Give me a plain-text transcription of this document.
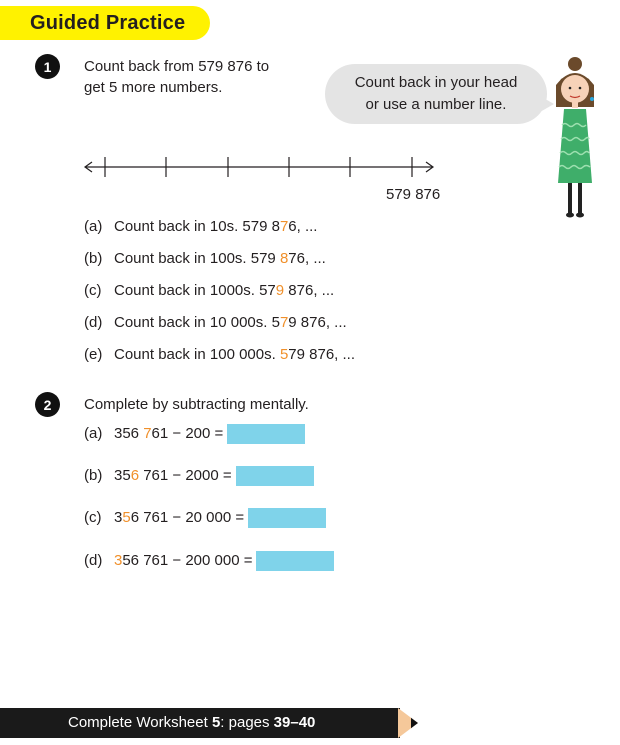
Guided Practice
1	Count back from 579 876 to
get 5 more numbers.	Count back in your head
or use a number line.
579 876
(a) Count back in 10s. 579 876, ...
(b) Count back in 100s. 579 876, ...
(c) Count back in 1000s. 579 876, ...
(d) Count back in 10 000s. 579 876, ...
(e) Count back in 100 000s. 579 876, ...
2	Complete by subtracting mentally.
(a) 356 761 − 200 =
(b) 356 761 − 2000 =
(c) 356 761 − 20 000 =
(d) 356 761 − 200 000 =
Complete Worksheet 5: pages 39–40
